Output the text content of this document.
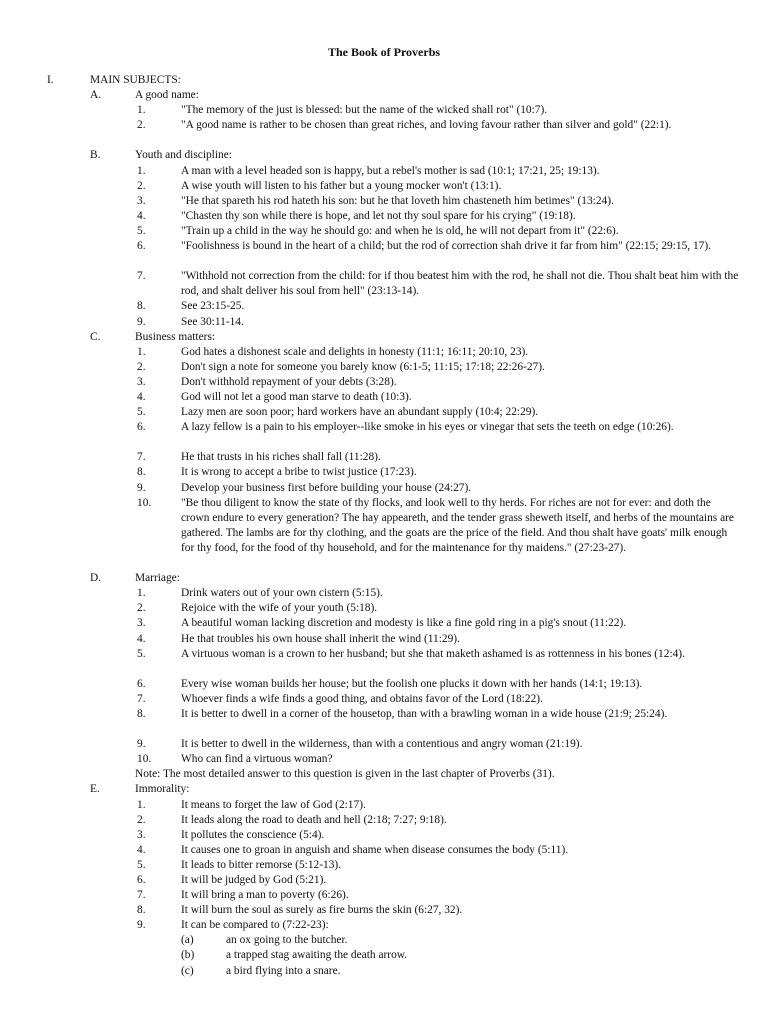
The Book of Proverbs
I.	MAIN SUBJECTS:
A.	A good name:
1.	"The memory of the just is blessed: but the name of the wicked shall rot" (10:7).
2.	"A good name is rather to be chosen than great riches, and loving favour rather than silver and gold" (22:1).
B.	Youth and discipline:
1.	A man with a level headed son is happy, but a rebel's mother is sad (10:1; 17:21, 25; 19:13).
2.	A wise youth will listen to his father but a young mocker won't (13:1).
3.	"He that spareth his rod hateth his son: but he that loveth him chasteneth him betimes" (13:24).
4.	"Chasten thy son while there is hope, and let not thy soul spare for his crying" (19:18).
5.	"Train up a child in the way he should go: and when he is old, he will not depart from it" (22:6).
6.	"Foolishness is bound in the heart of a child; but the rod of correction shah drive it far from him" (22:15; 29:15, 17).
7.	"Withhold not correction from the child: for if thou beatest him with the rod, he shall not die. Thou shalt beat him with the rod, and shalt deliver his soul from hell" (23:13-14).
8.	See 23:15-25.
9.	See 30:11-14.
C.	Business matters:
1.	God hates a dishonest scale and delights in honesty (11:1; 16:11; 20:10, 23).
2.	Don't sign a note for someone you barely know (6:1-5; 11:15; 17:18; 22:26-27).
3.	Don't withhold repayment of your debts (3:28).
4.	God will not let a good man starve to death (10:3).
5.	Lazy men are soon poor; hard workers have an abundant supply (10:4; 22:29).
6.	A lazy fellow is a pain to his employer--like smoke in his eyes or vinegar that sets the teeth on edge (10:26).
7.	He that trusts in his riches shall fall (11:28).
8.	It is wrong to accept a bribe to twist justice (17:23).
9.	Develop your business first before building your house (24:27).
10.	"Be thou diligent to know the state of thy flocks, and look well to thy herds. For riches are not for ever: and doth the crown endure to every generation? The hay appeareth, and the tender grass sheweth itself, and herbs of the mountains are gathered. The lambs are for thy clothing, and the goats are the price of the field. And thou shalt have goats' milk enough for thy food, for the food of thy household, and for the maintenance for thy maidens." (27:23-27).
D.	Marriage:
1.	Drink waters out of your own cistern (5:15).
2.	Rejoice with the wife of your youth (5:18).
3.	A beautiful woman lacking discretion and modesty is like a fine gold ring in a pig's snout (11:22).
4.	He that troubles his own house shall inherit the wind (11:29).
5.	A virtuous woman is a crown to her husband; but she that maketh ashamed is as rottenness in his bones (12:4).
6.	Every wise woman builds her house; but the foolish one plucks it down with her hands (14:1; 19:13).
7.	Whoever finds a wife finds a good thing, and obtains favor of the Lord (18:22).
8.	It is better to dwell in a corner of the housetop, than with a brawling woman in a wide house (21:9; 25:24).
9.	It is better to dwell in the wilderness, than with a contentious and angry woman (21:19).
10.	Who can find a virtuous woman?
Note: The most detailed answer to this question is given in the last chapter of Proverbs (31).
E.	Immorality:
1.	It means to forget the law of God (2:17).
2.	It leads along the road to death and hell (2:18; 7:27; 9:18).
3.	It pollutes the conscience (5:4).
4.	It causes one to groan in anguish and shame when disease consumes the body (5:11).
5.	It leads to bitter remorse (5:12-13).
6.	It will be judged by God (5:21).
7.	It will bring a man to poverty (6:26).
8.	It will burn the soul as surely as fire burns the skin (6:27, 32).
9.	It can be compared to (7:22-23):
(a)	an ox going to the butcher.
(b)	a trapped stag awaiting the death arrow.
(c)	a bird flying into a snare.
